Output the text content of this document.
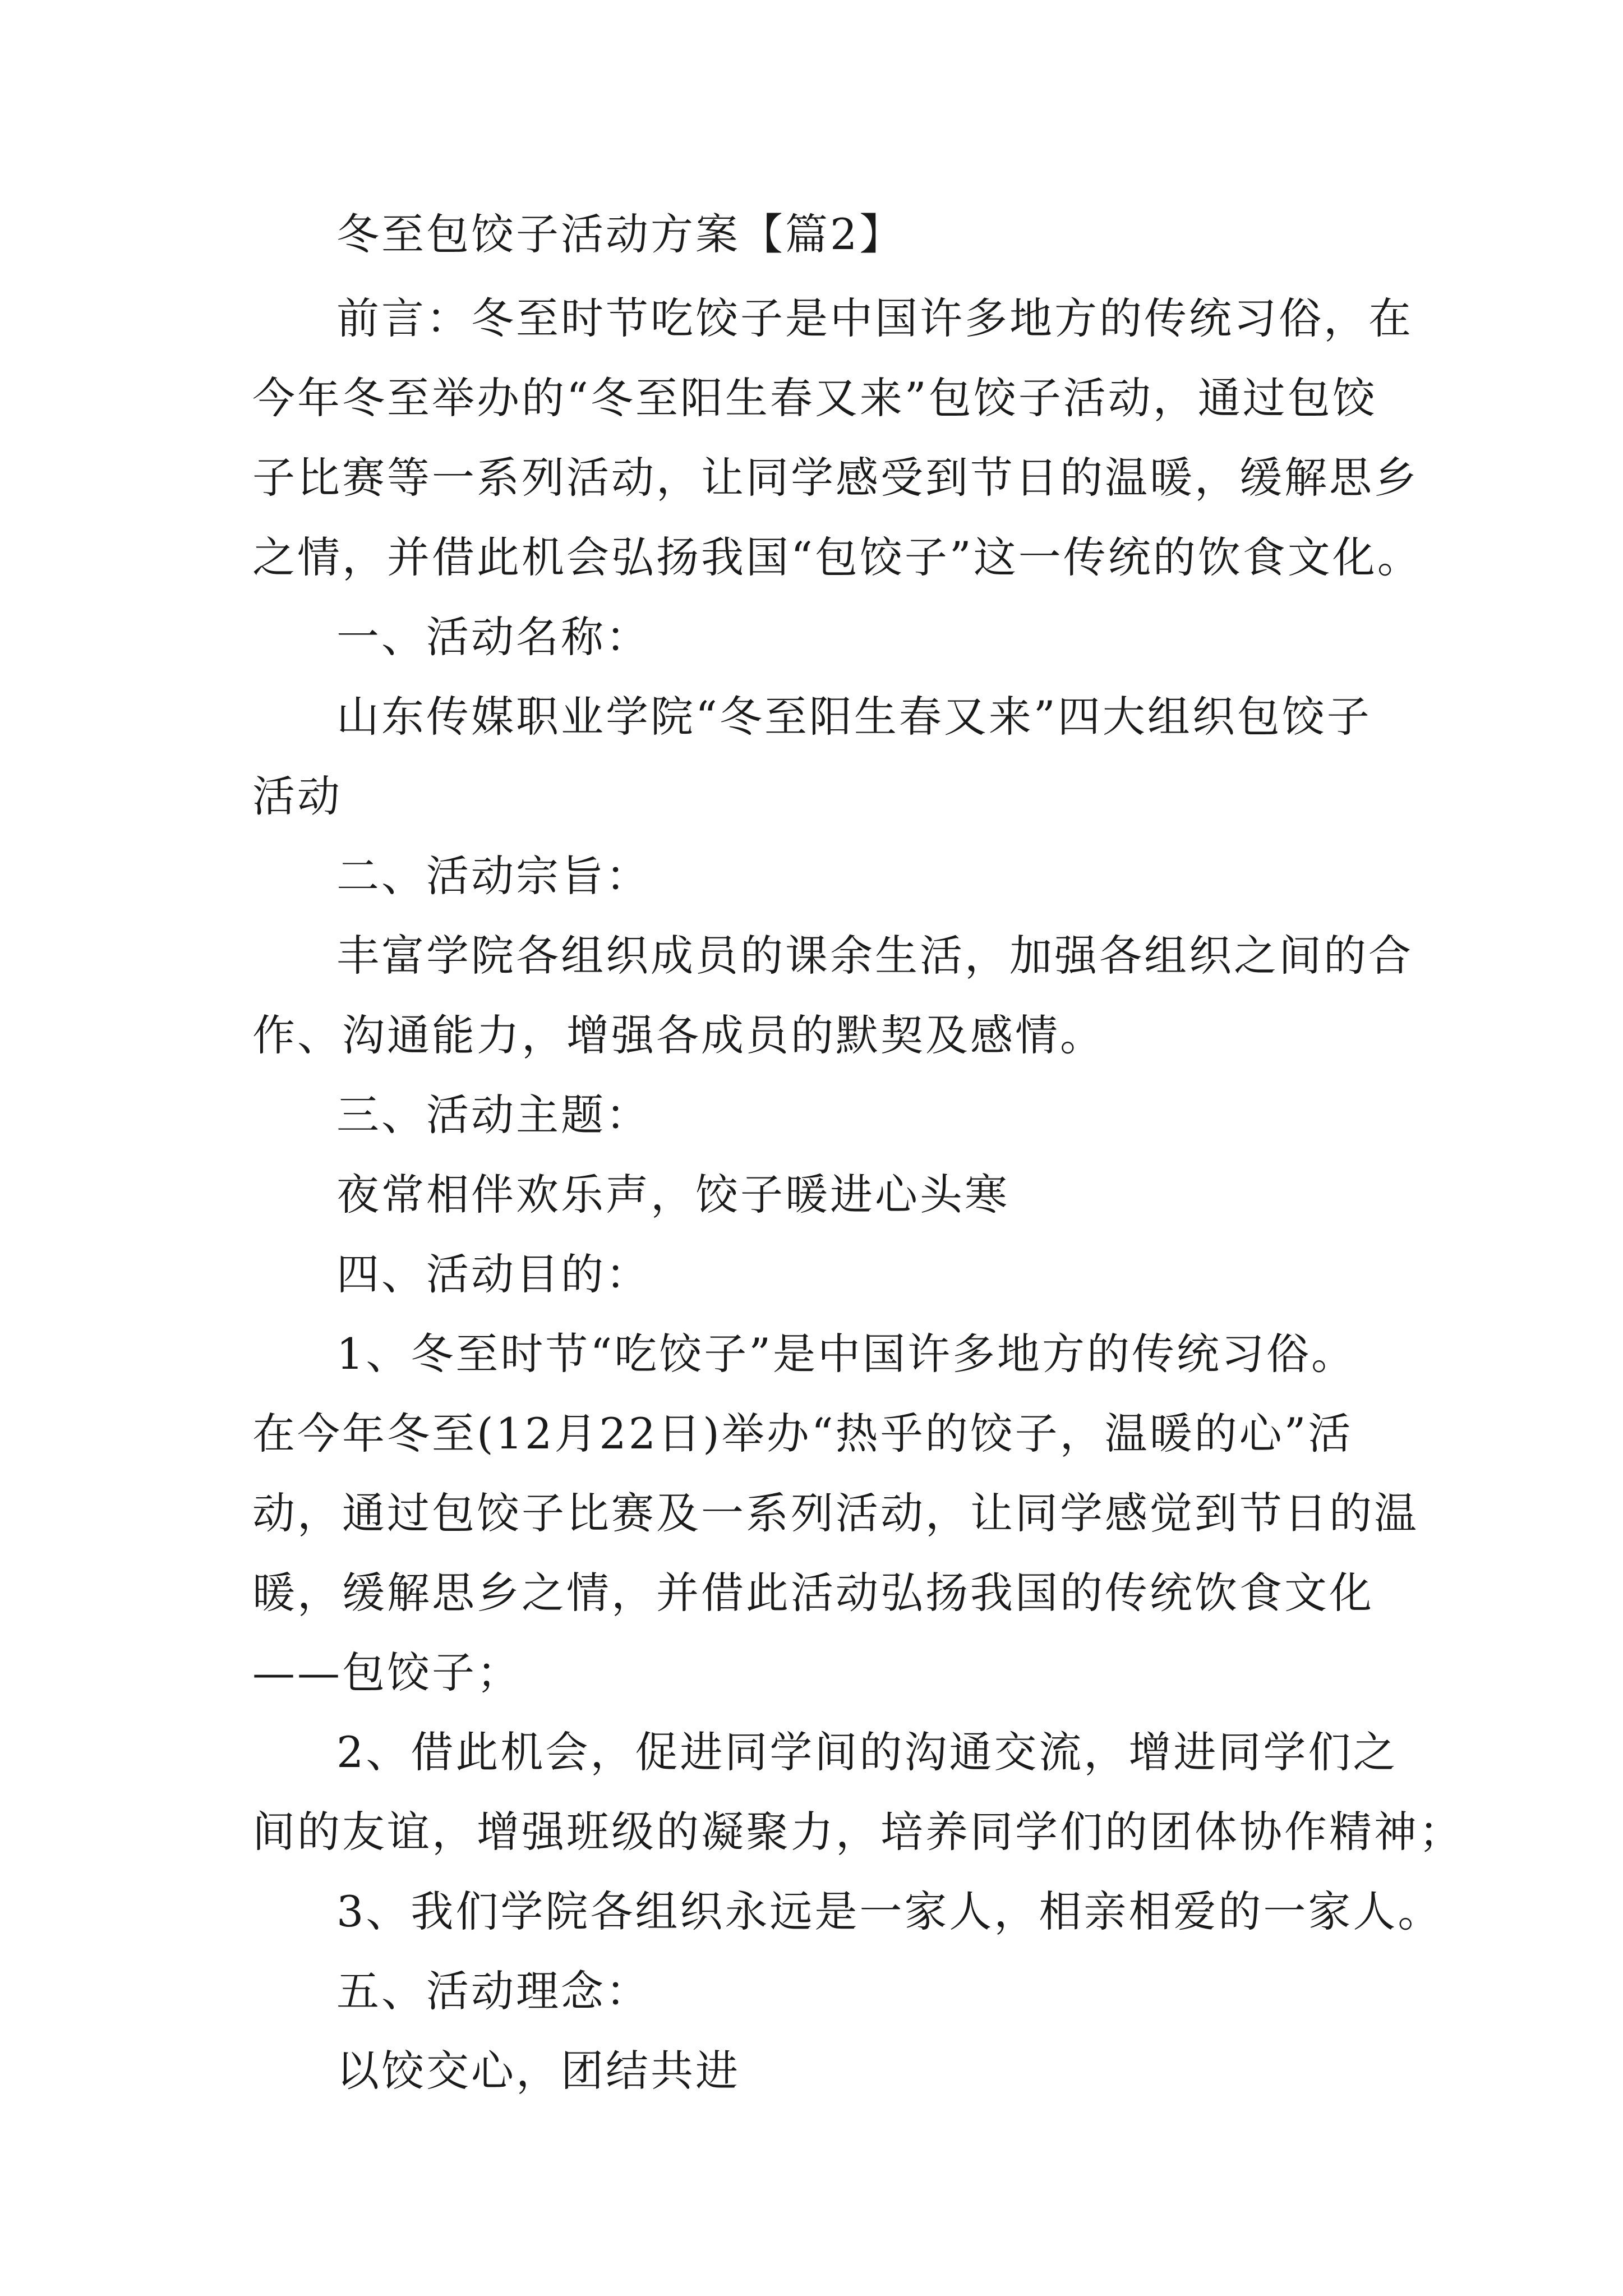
冬至包饺子活动方案【篇2】
前言：冬至时节吃饺子是中国许多地方的传统习俗，在
今年冬至举办的“冬至阳生春又来”包饺子活动，通过包饺
子比赛等一系列活动，让同学感受到节日的温暖，缓解思乡
之情，并借此机会弘扬我国“包饺子”这一传统的饮食文化。
一、活动名称：
山东传媒职业学院“冬至阳生春又来”四大组织包饺子
活动
二、活动宗旨：
丰富学院各组织成员的课余生活，加强各组织之间的合
作、沟通能力，增强各成员的默契及感情。
三、活动主题：
夜常相伴欢乐声，饺子暖进心头寒
四、活动目的：
1、冬至时节“吃饺子”是中国许多地方的传统习俗。
在今年冬至(12月22日)举办“热乎的饺子，温暖的心”活
动，通过包饺子比赛及一系列活动，让同学感觉到节日的温
暖，缓解思乡之情，并借此活动弘扬我国的传统饮食文化
——包饺子；
2、借此机会，促进同学间的沟通交流，增进同学们之
间的友谊，增强班级的凝聚力，培养同学们的团体协作精神；
3、我们学院各组织永远是一家人，相亲相爱的一家人。
五、活动理念：
以饺交心，团结共进
